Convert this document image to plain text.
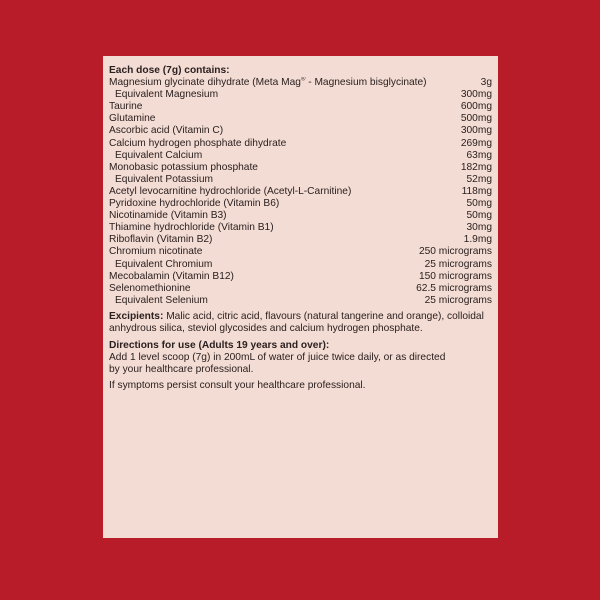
Each dose (7g) contains:
Magnesium glycinate dihydrate (Meta Mag® - Magnesium bisglycinate)	3g
Equivalent Magnesium	300mg
Taurine	600mg
Glutamine	500mg
Ascorbic acid (Vitamin C)	300mg
Calcium hydrogen phosphate dihydrate	269mg
Equivalent Calcium	63mg
Monobasic potassium phosphate	182mg
Equivalent Potassium	52mg
Acetyl levocarnitine hydrochloride (Acetyl-L-Carnitine)	118mg
Pyridoxine hydrochloride (Vitamin B6)	50mg
Nicotinamide (Vitamin B3)	50mg
Thiamine hydrochloride (Vitamin B1)	30mg
Riboflavin (Vitamin B2)	1.9mg
Chromium nicotinate	250 micrograms
Equivalent Chromium	25 micrograms
Mecobalamin (Vitamin B12)	150 micrograms
Selenomethionine	62.5 micrograms
Equivalent Selenium	25 micrograms
Excipients: Malic acid, citric acid, flavours (natural tangerine and orange), colloidal anhydrous silica, steviol glycosides and calcium hydrogen phosphate.
Directions for use (Adults 19 years and over):
Add 1 level scoop (7g) in 200mL of water of juice twice daily, or as directed by your healthcare professional.
If symptoms persist consult your healthcare professional.
